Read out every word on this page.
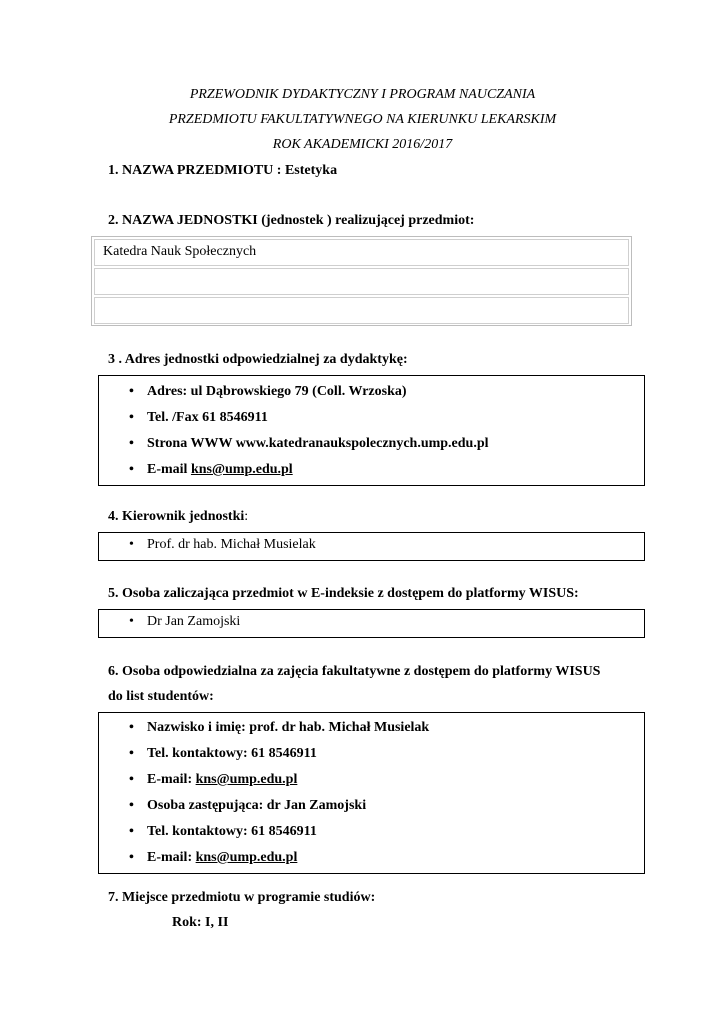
PRZEWODNIK DYDAKTYCZNY I PROGRAM NAUCZANIA
PRZEDMIOTU FAKULTATYWNEGO NA KIERUNKU LEKARSKIM
ROK AKADEMICKI 2016/2017
1. NAZWA PRZEDMIOTU : Estetyka
2. NAZWA JEDNOSTKI (jednostek ) realizującej przedmiot:
Katedra Nauk Społecznych
3 . Adres jednostki odpowiedzialnej za dydaktykę:
• Adres: ul Dąbrowskiego 79 (Coll. Wrzoska)
• Tel. /Fax 61 8546911
• Strona WWW www.katedranaukspolecznych.ump.edu.pl
• E-mail kns@ump.edu.pl
4. Kierownik jednostki:
• Prof. dr hab. Michał Musielak
5. Osoba zaliczająca przedmiot w E-indeksie z dostępem do platformy WISUS:
• Dr Jan Zamojski
6. Osoba odpowiedzialna za zajęcia fakultatywne z dostępem do platformy WISUS
do list studentów:
• Nazwisko i imię: prof. dr hab. Michał Musielak
• Tel. kontaktowy: 61 8546911
• E-mail: kns@ump.edu.pl
• Osoba zastępująca: dr Jan Zamojski
• Tel. kontaktowy: 61 8546911
• E-mail: kns@ump.edu.pl
7. Miejsce przedmiotu w programie studiów:
Rok: I, II
